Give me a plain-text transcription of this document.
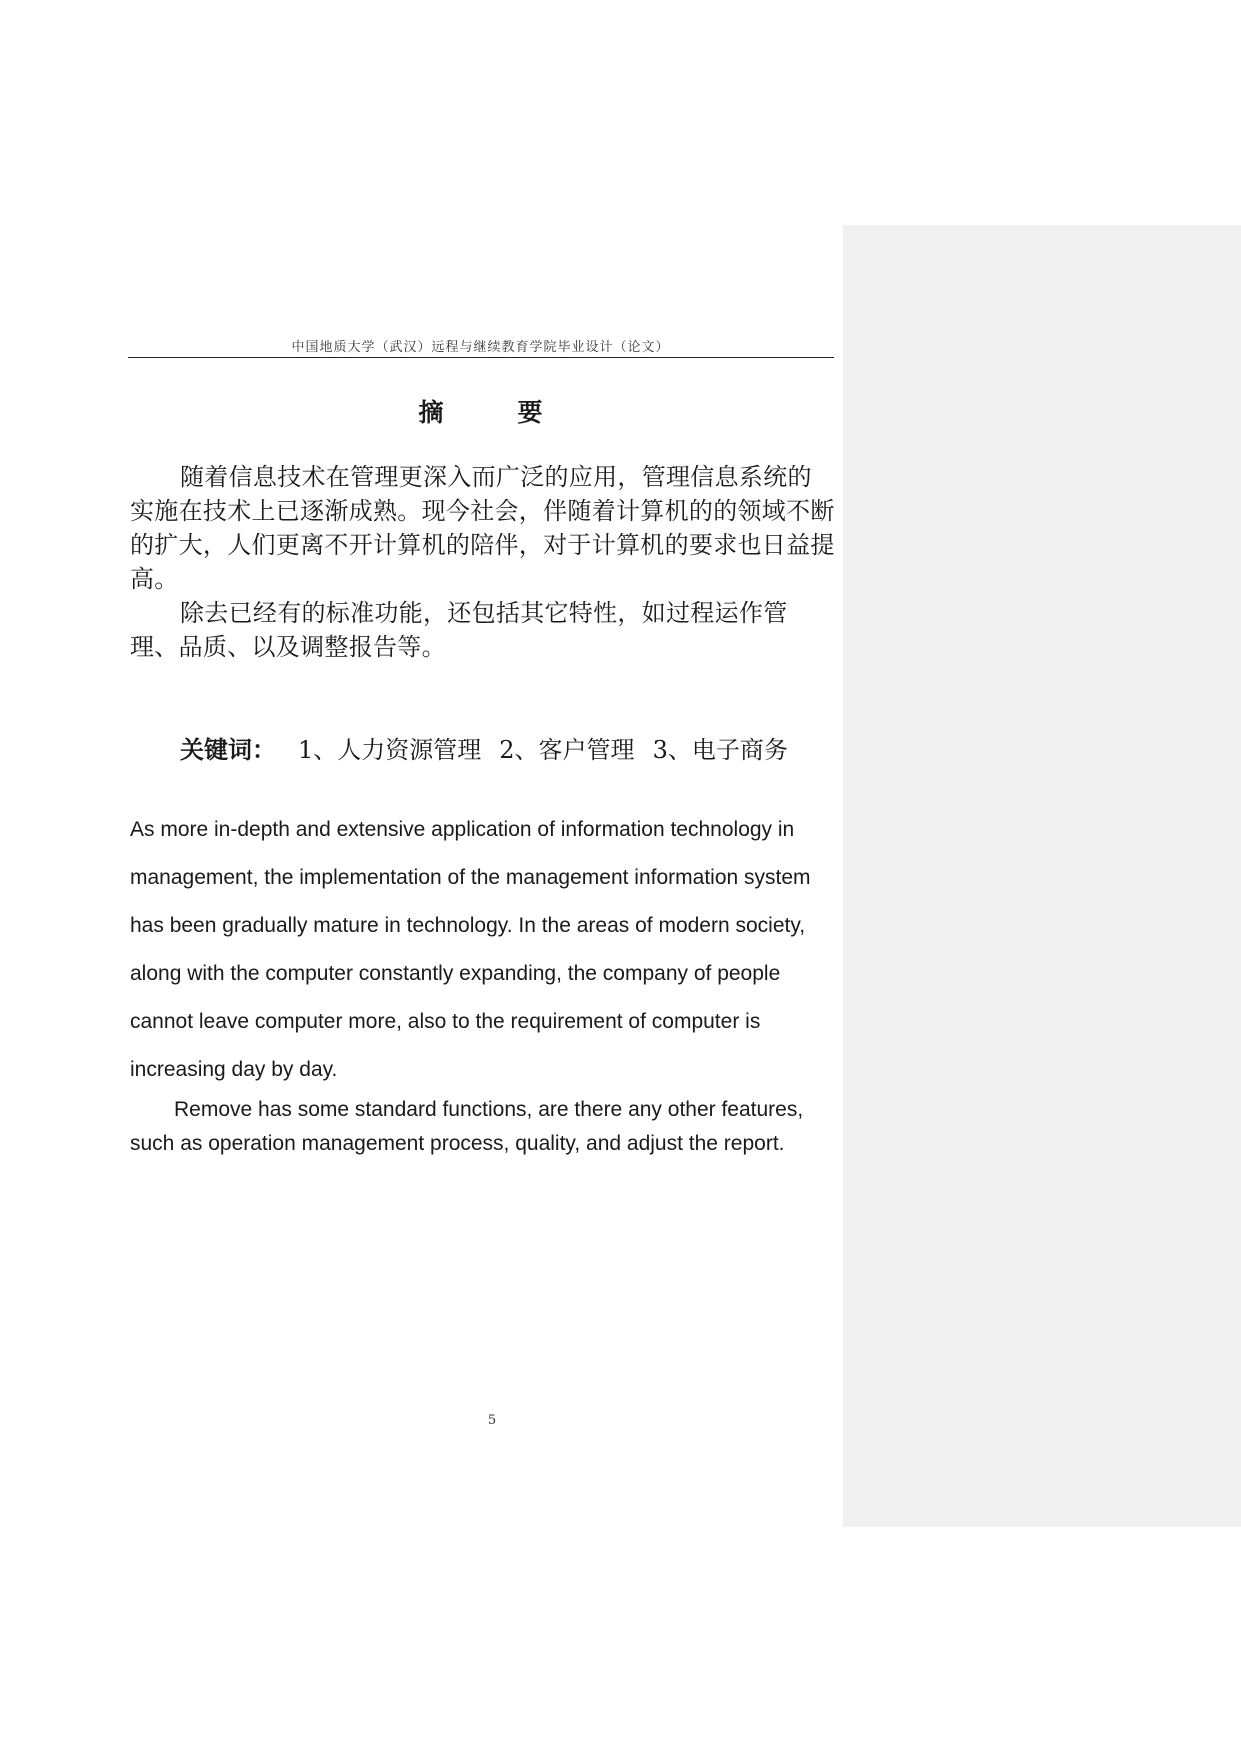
中国地质大学（武汉）远程与继续教育学院毕业设计（论文）
摘	要

随着信息技术在管理更深入而广泛的应用，管理信息系统的实施在技术上已逐渐成熟。现今社会，伴随着计算机的的领域不断的扩大，人们更离不开计算机的陪伴，对于计算机的要求也日益提高。

除去已经有的标准功能，还包括其它特性，如过程运作管理、品质、以及调整报告等。

关键词： 1、人力资源管理 2、客户管理 3、电子商务

As more in-depth and extensive application of information technology in management, the implementation of the management information system has been gradually mature in technology. In the areas of modern society, along with the computer constantly expanding, the company of people cannot leave computer more, also to the requirement of computer is increasing day by day.

Remove has some standard functions, are there any other features, such as operation management process, quality, and adjust the report.

5
